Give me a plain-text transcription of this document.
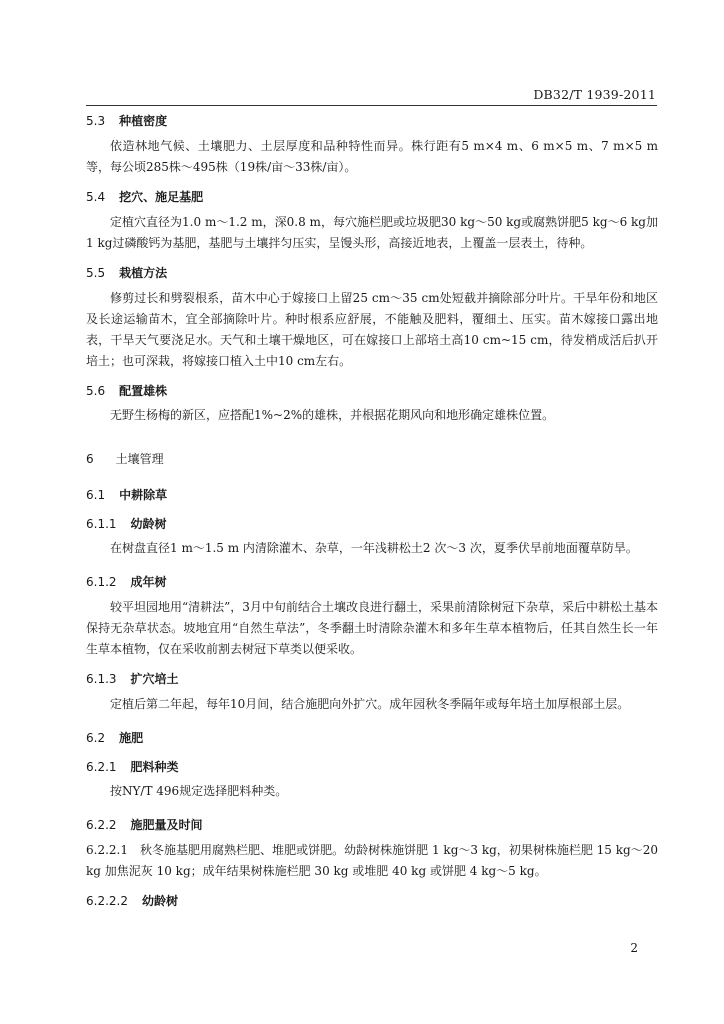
DB32/T 1939-2011
5.3 种植密度

依造林地气候、土壤肥力、土层厚度和品种特性而异。株行距有5 m×4 m、6 m×5 m、7 m×5 m等，每公顷285株～495株（19株/亩～33株/亩）。

5.4 挖穴、施足基肥

定植穴直径为1.0 m～1.2 m，深0.8 m，每穴施栏肥或垃圾肥30 kg～50 kg或腐熟饼肥5 kg～6 kg加1 kg过磷酸钙为基肥，基肥与土壤拌匀压实，呈馒头形，高接近地表，上覆盖一层表土，待种。

5.5 栽植方法

修剪过长和劈裂根系，苗木中心于嫁接口上留25 cm～35 cm处短截并摘除部分叶片。干旱年份和地区及长途运输苗木，宜全部摘除叶片。种时根系应舒展，不能触及肥料，覆细土、压实。苗木嫁接口露出地表，干旱天气要浇足水。天气和土壤干燥地区，可在嫁接口上部培土高10 cm~15 cm，待发梢成活后扒开培土；也可深栽，将嫁接口植入土中10 cm左右。

5.6 配置雄株

无野生杨梅的新区，应搭配1%~2%的雄株，并根据花期风向和地形确定雄株位置。

6 土壤管理
6.1 中耕除草
6.1.1 幼龄树

在树盘直径1 m～1.5 m 内清除灌木、杂草，一年浅耕松土2 次～3 次，夏季伏旱前地面覆草防旱。

6.1.2 成年树

较平坦园地用“清耕法”，3月中旬前结合土壤改良进行翻土，采果前清除树冠下杂草，采后中耕松土基本保持无杂草状态。坡地宜用“自然生草法”，冬季翻土时清除杂灌木和多年生草本植物后，任其自然生长一年生草本植物，仅在采收前割去树冠下草类以便采收。

6.1.3 扩穴培土

定植后第二年起，每年10月间，结合施肥向外扩穴。成年园秋冬季隔年或每年培土加厚根部土层。

6.2 施肥
6.2.1 肥料种类

按NY/T 496规定选择肥料种类。

6.2.2 施肥量及时间

6.2.2.1　秋冬施基肥用腐熟栏肥、堆肥或饼肥。幼龄树株施饼肥 1 kg～3 kg，初果树株施栏肥 15 kg～20 kg 加焦泥灰 10 kg；成年结果树株施栏肥 30 kg 或堆肥 40 kg 或饼肥 4 kg～5 kg。

6.2.2.2 幼龄树
2
